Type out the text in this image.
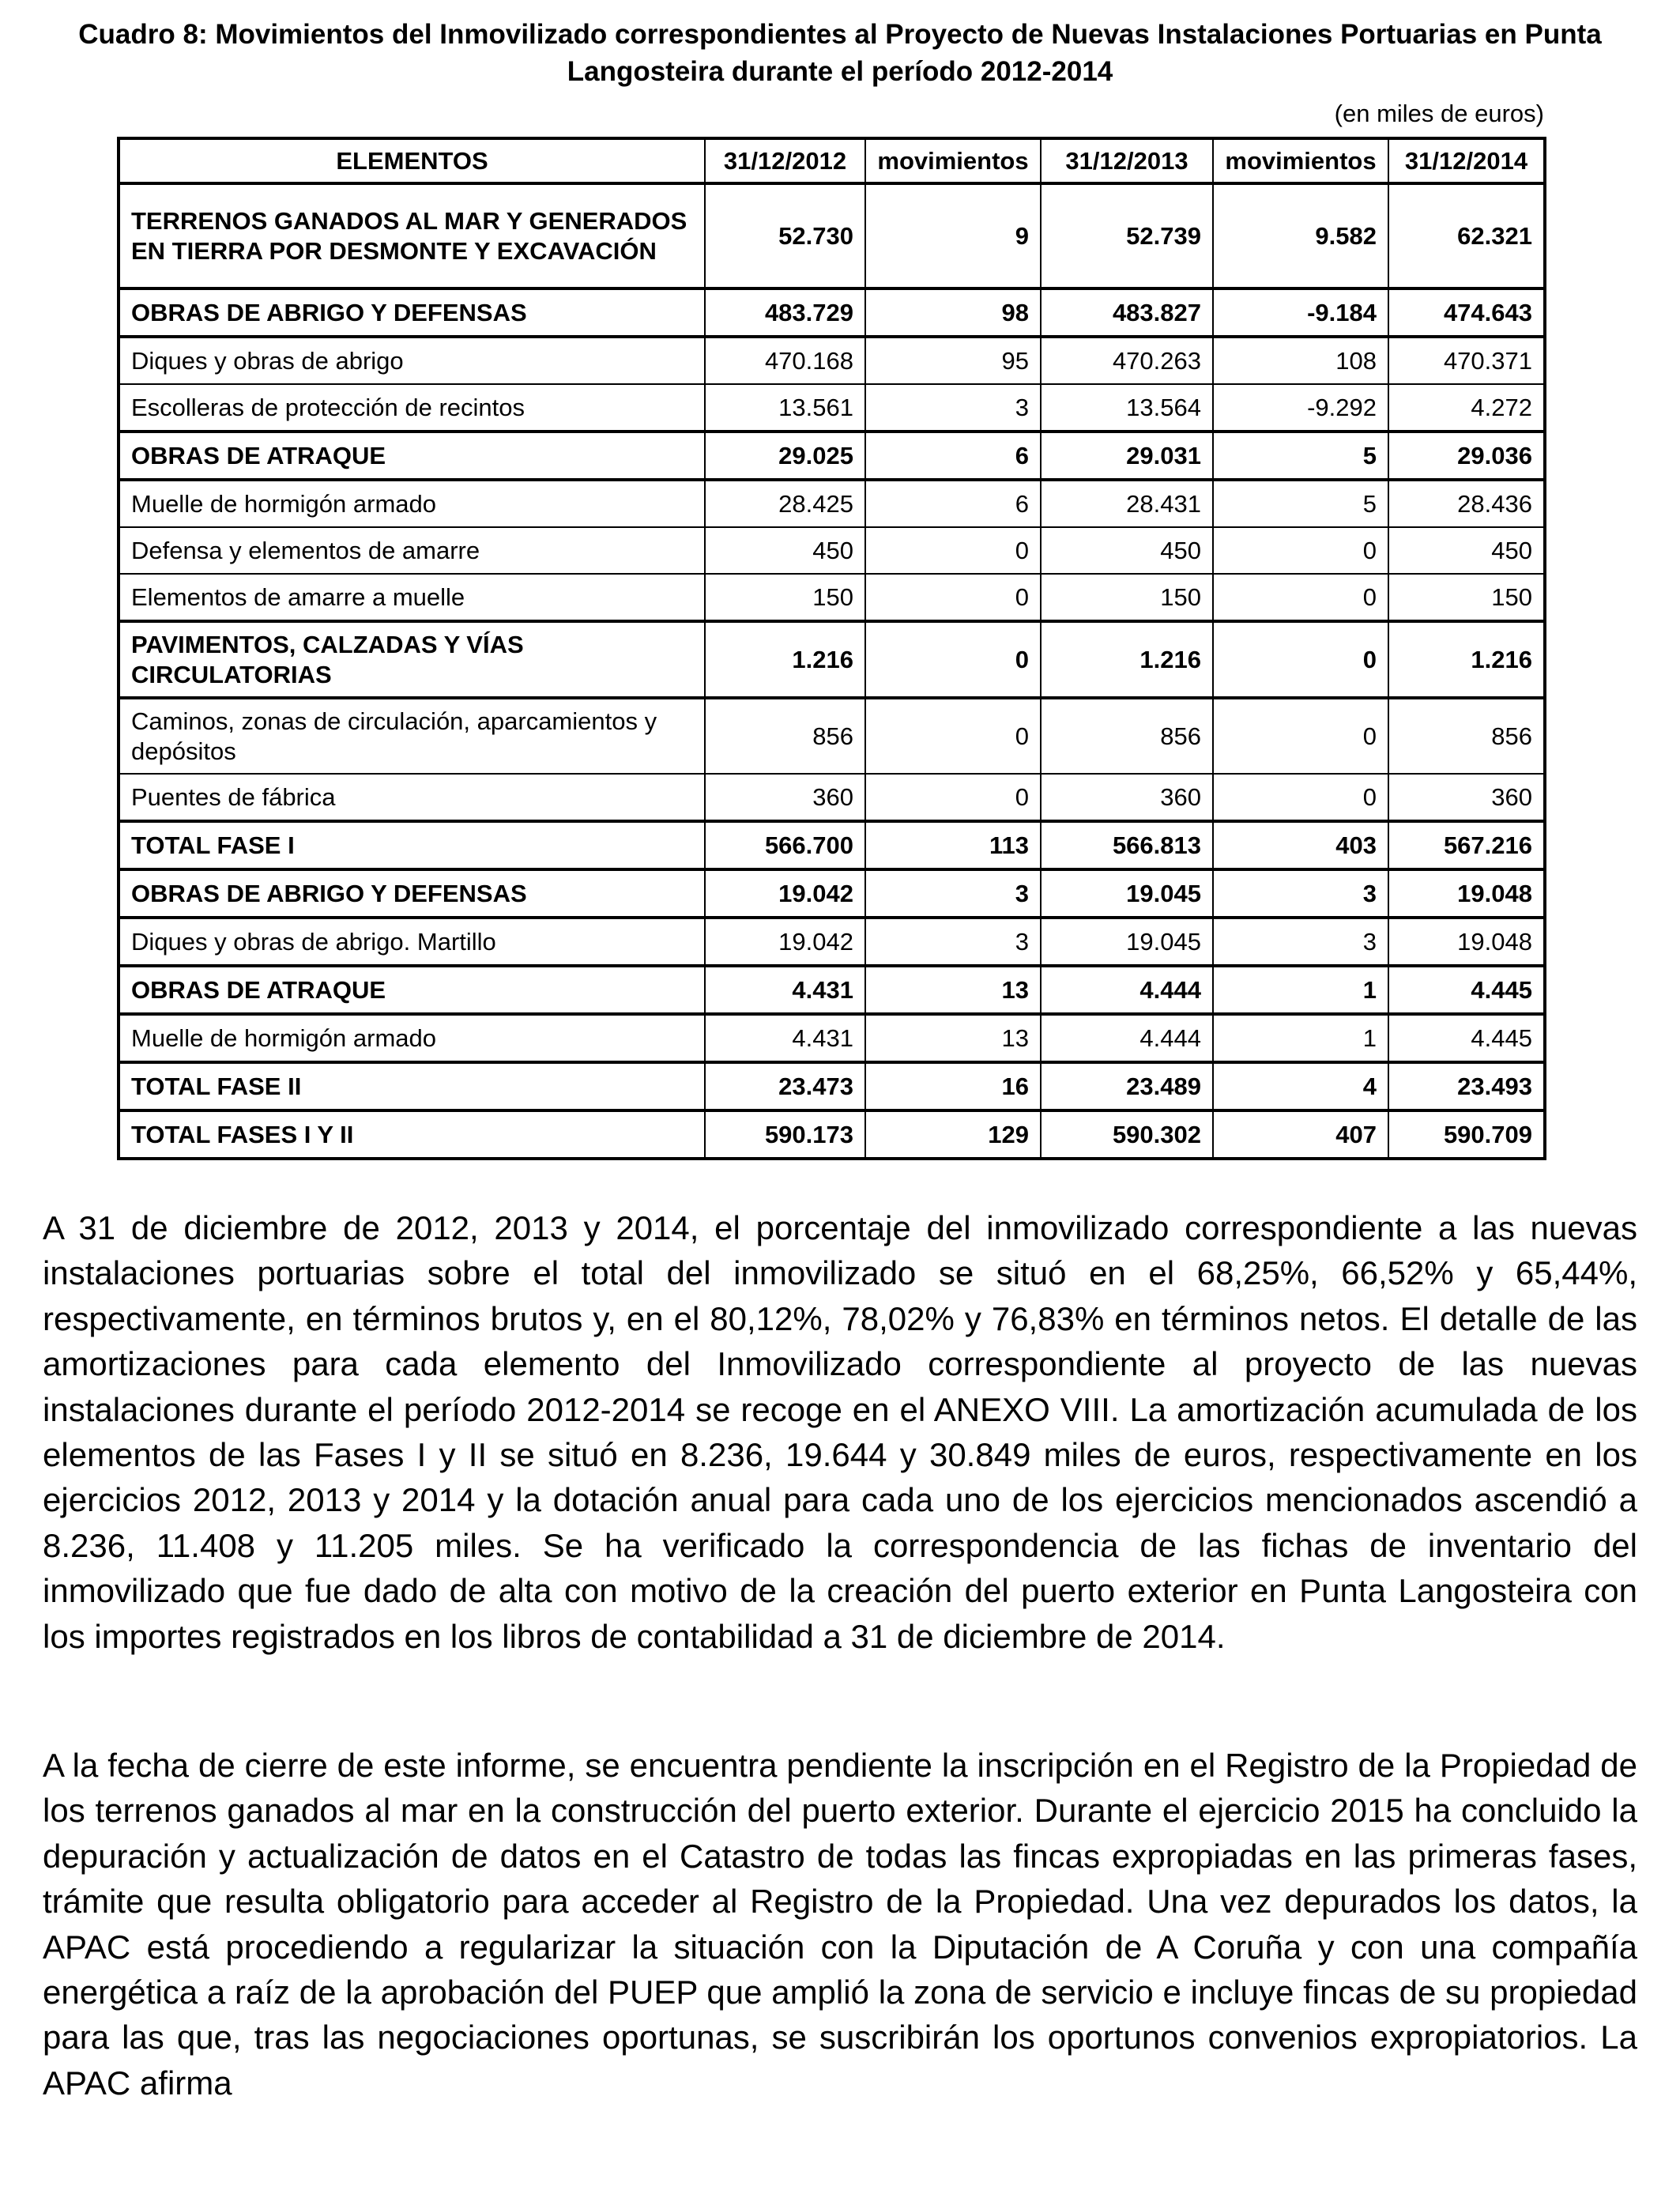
Cuadro 8: Movimientos del Inmovilizado correspondientes al Proyecto de Nuevas Instalaciones Portuarias en Punta Langosteira durante el período 2012-2014
(en miles de euros)
ELEMENTOS	31/12/2012	movimientos	31/12/2013	movimientos	31/12/2014
TERRENOS GANADOS AL MAR Y GENERADOS EN TIERRA POR DESMONTE Y EXCAVACIÓN	52.730	9	52.739	9.582	62.321
OBRAS DE ABRIGO Y DEFENSAS	483.729	98	483.827	-9.184	474.643
Diques y obras de abrigo	470.168	95	470.263	108	470.371
Escolleras de protección de recintos	13.561	3	13.564	-9.292	4.272
OBRAS DE ATRAQUE	29.025	6	29.031	5	29.036
Muelle de hormigón armado	28.425	6	28.431	5	28.436
Defensa y elementos de amarre	450	0	450	0	450
Elementos de amarre a muelle	150	0	150	0	150
PAVIMENTOS, CALZADAS Y VÍAS CIRCULATORIAS	1.216	0	1.216	0	1.216
Caminos, zonas de circulación, aparcamientos y depósitos	856	0	856	0	856
Puentes de fábrica	360	0	360	0	360
TOTAL FASE I	566.700	113	566.813	403	567.216
OBRAS DE ABRIGO Y DEFENSAS	19.042	3	19.045	3	19.048
Diques y obras de abrigo. Martillo	19.042	3	19.045	3	19.048
OBRAS DE ATRAQUE	4.431	13	4.444	1	4.445
Muelle de hormigón armado	4.431	13	4.444	1	4.445
TOTAL FASE II	23.473	16	23.489	4	23.493
TOTAL FASES I Y II	590.173	129	590.302	407	590.709

A 31 de diciembre de 2012, 2013 y 2014, el porcentaje del inmovilizado correspondiente a las nuevas instalaciones portuarias sobre el total del inmovilizado se situó en el 68,25%, 66,52% y 65,44%, respectivamente, en términos brutos y, en el 80,12%, 78,02% y 76,83% en términos netos. El detalle de las amortizaciones para cada elemento del Inmovilizado correspondiente al proyecto de las nuevas instalaciones durante el período 2012-2014 se recoge en el ANEXO VIII. La amortización acumulada de los elementos de las Fases I y II se situó en 8.236, 19.644 y 30.849 miles de euros, respectivamente en los ejercicios 2012, 2013 y 2014 y la dotación anual para cada uno de los ejercicios mencionados ascendió a 8.236, 11.408 y 11.205 miles. Se ha verificado la correspondencia de las fichas de inventario del inmovilizado que fue dado de alta con motivo de la creación del puerto exterior en Punta Langosteira con los importes registrados en los libros de contabilidad a 31 de diciembre de 2014.

A la fecha de cierre de este informe, se encuentra pendiente la inscripción en el Registro de la Propiedad de los terrenos ganados al mar en la construcción del puerto exterior. Durante el ejercicio 2015 ha concluido la depuración y actualización de datos en el Catastro de todas las fincas expropiadas en las primeras fases, trámite que resulta obligatorio para acceder al Registro de la Propiedad. Una vez depurados los datos, la APAC está procediendo a regularizar la situación con la Diputación de A Coruña y con una compañía energética a raíz de la aprobación del PUEP que amplió la zona de servicio e incluye fincas de su propiedad para las que, tras las negociaciones oportunas, se suscribirán los oportunos convenios expropiatorios. La APAC afirma
